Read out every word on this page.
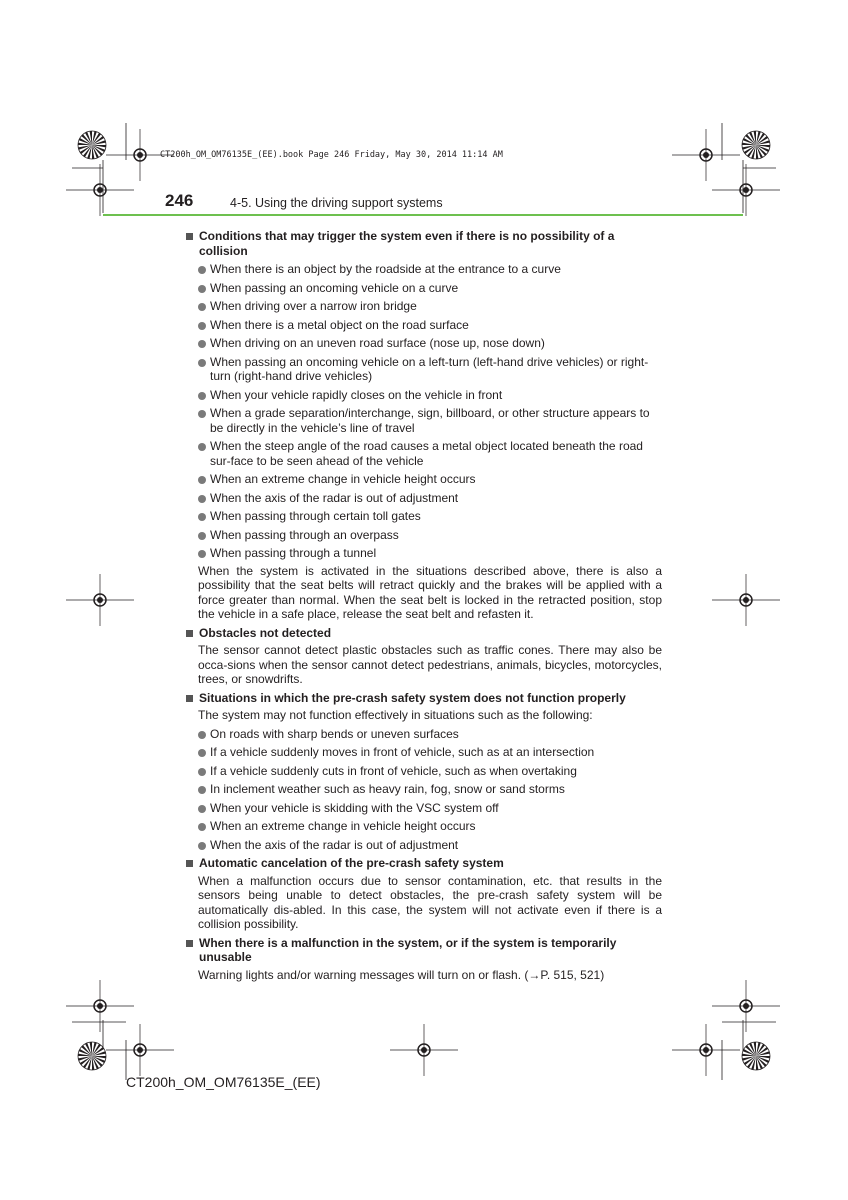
CT200h_OM_OM76135E_(EE).book Page 246 Friday, May 30, 2014 11:14 AM
246	4-5. Using the driving support systems
Conditions that may trigger the system even if there is no possibility of a collision
When there is an object by the roadside at the entrance to a curve
When passing an oncoming vehicle on a curve
When driving over a narrow iron bridge
When there is a metal object on the road surface
When driving on an uneven road surface (nose up, nose down)
When passing an oncoming vehicle on a left-turn (left-hand drive vehicles) or right-turn (right-hand drive vehicles)
When your vehicle rapidly closes on the vehicle in front
When a grade separation/interchange, sign, billboard, or other structure appears to be directly in the vehicle’s line of travel
When the steep angle of the road causes a metal object located beneath the road sur-face to be seen ahead of the vehicle
When an extreme change in vehicle height occurs
When the axis of the radar is out of adjustment
When passing through certain toll gates
When passing through an overpass
When passing through a tunnel
When the system is activated in the situations described above, there is also a possibility that the seat belts will retract quickly and the brakes will be applied with a force greater than normal. When the seat belt is locked in the retracted position, stop the vehicle in a safe place, release the seat belt and refasten it.
Obstacles not detected
The sensor cannot detect plastic obstacles such as traffic cones. There may also be occa-sions when the sensor cannot detect pedestrians, animals, bicycles, motorcycles, trees, or snowdrifts.
Situations in which the pre-crash safety system does not function properly
The system may not function effectively in situations such as the following:
On roads with sharp bends or uneven surfaces
If a vehicle suddenly moves in front of vehicle, such as at an intersection
If a vehicle suddenly cuts in front of vehicle, such as when overtaking
In inclement weather such as heavy rain, fog, snow or sand storms
When your vehicle is skidding with the VSC system off
When an extreme change in vehicle height occurs
When the axis of the radar is out of adjustment
Automatic cancelation of the pre-crash safety system
When a malfunction occurs due to sensor contamination, etc. that results in the sensors being unable to detect obstacles, the pre-crash safety system will be automatically dis-abled. In this case, the system will not activate even if there is a collision possibility.
When there is a malfunction in the system, or if the system is temporarily unusable
Warning lights and/or warning messages will turn on or flash. (→P. 515, 521)
CT200h_OM_OM76135E_(EE)
